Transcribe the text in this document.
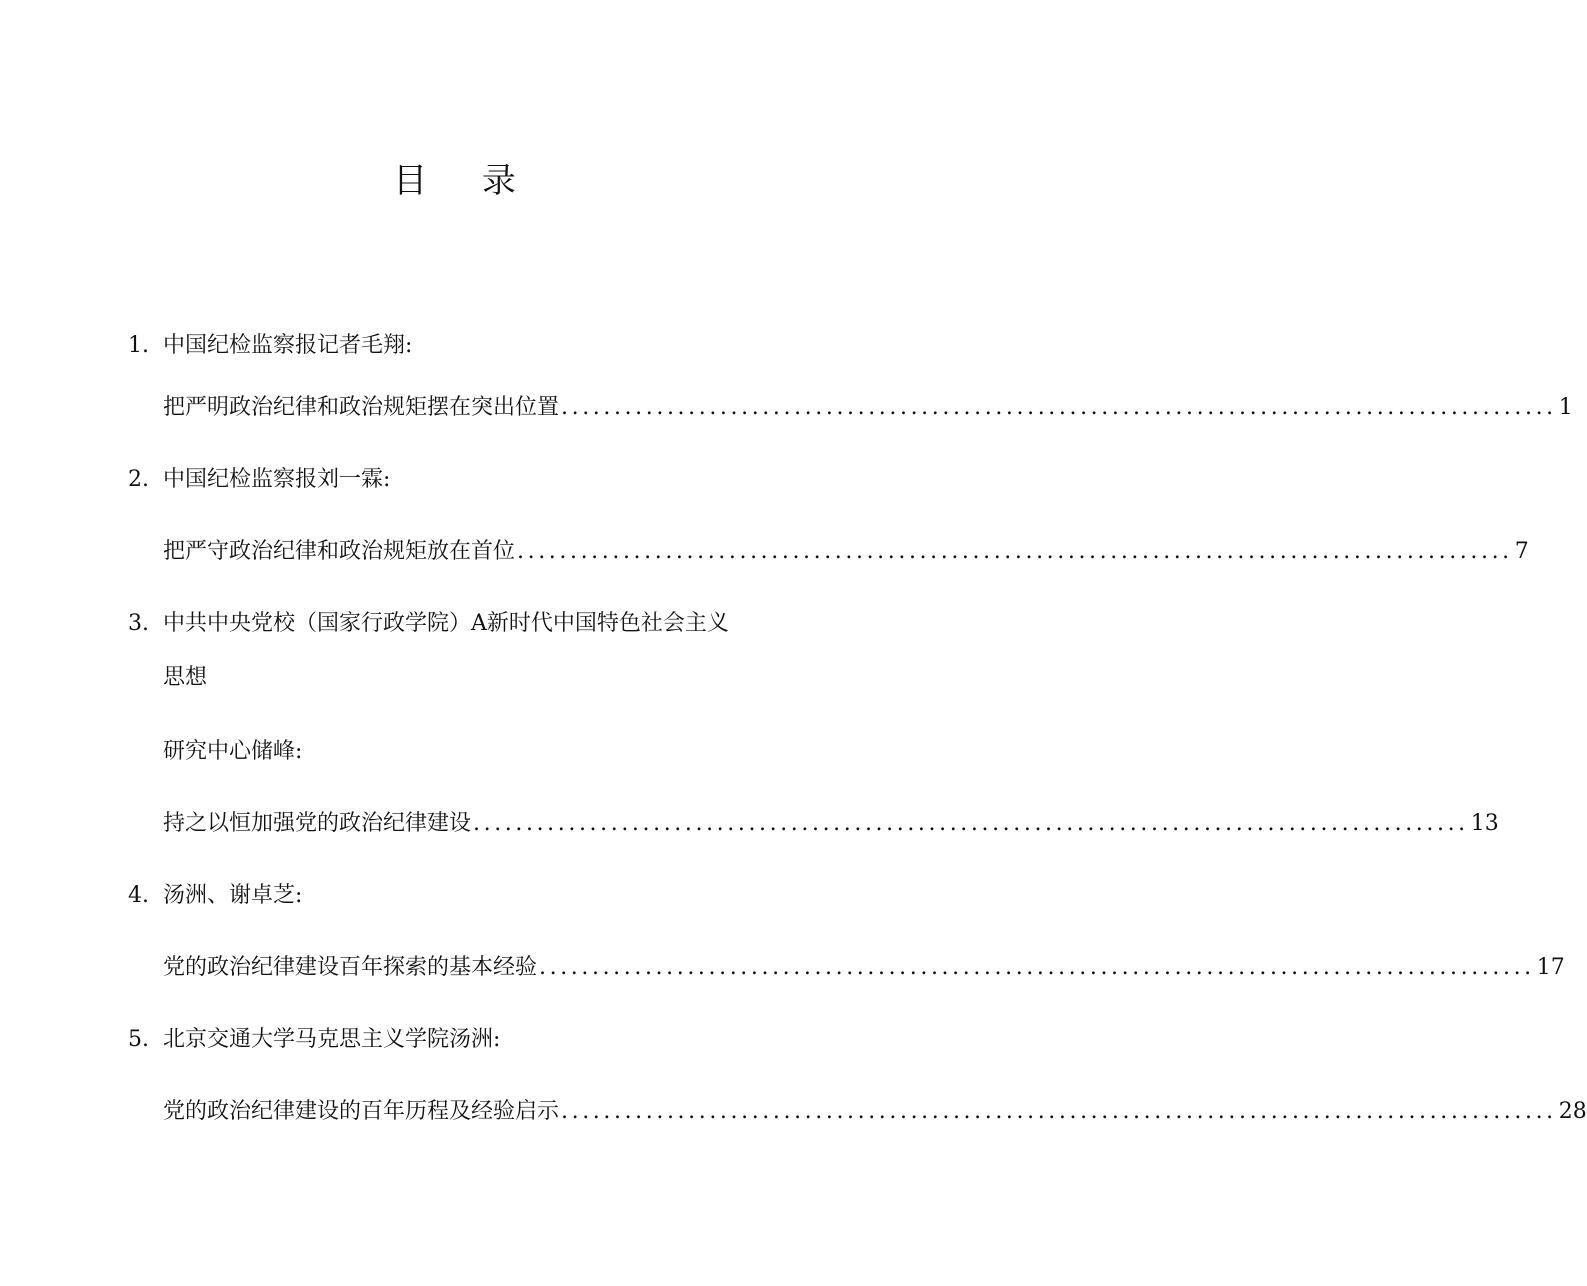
目 录
1. 中国纪检监察报记者毛翔:
把严明政治纪律和政治规矩摆在突出位置 .............................................................................................. 1
2. 中国纪检监察报刘一霖:
把严守政治纪律和政治规矩放在首位 .............................................................................................. 7
3. 中共中央党校（国家行政学院）A新时代中国特色社会主义
思想
研究中心储峰:
持之以恒加强党的政治纪律建设 .............................................................................................. 13
4. 汤洲、谢卓芝:
党的政治纪律建设百年探索的基本经验 .............................................................................................. 17
5. 北京交通大学马克思主义学院汤洲:
党的政治纪律建设的百年历程及经验启示 .............................................................................................. 28
